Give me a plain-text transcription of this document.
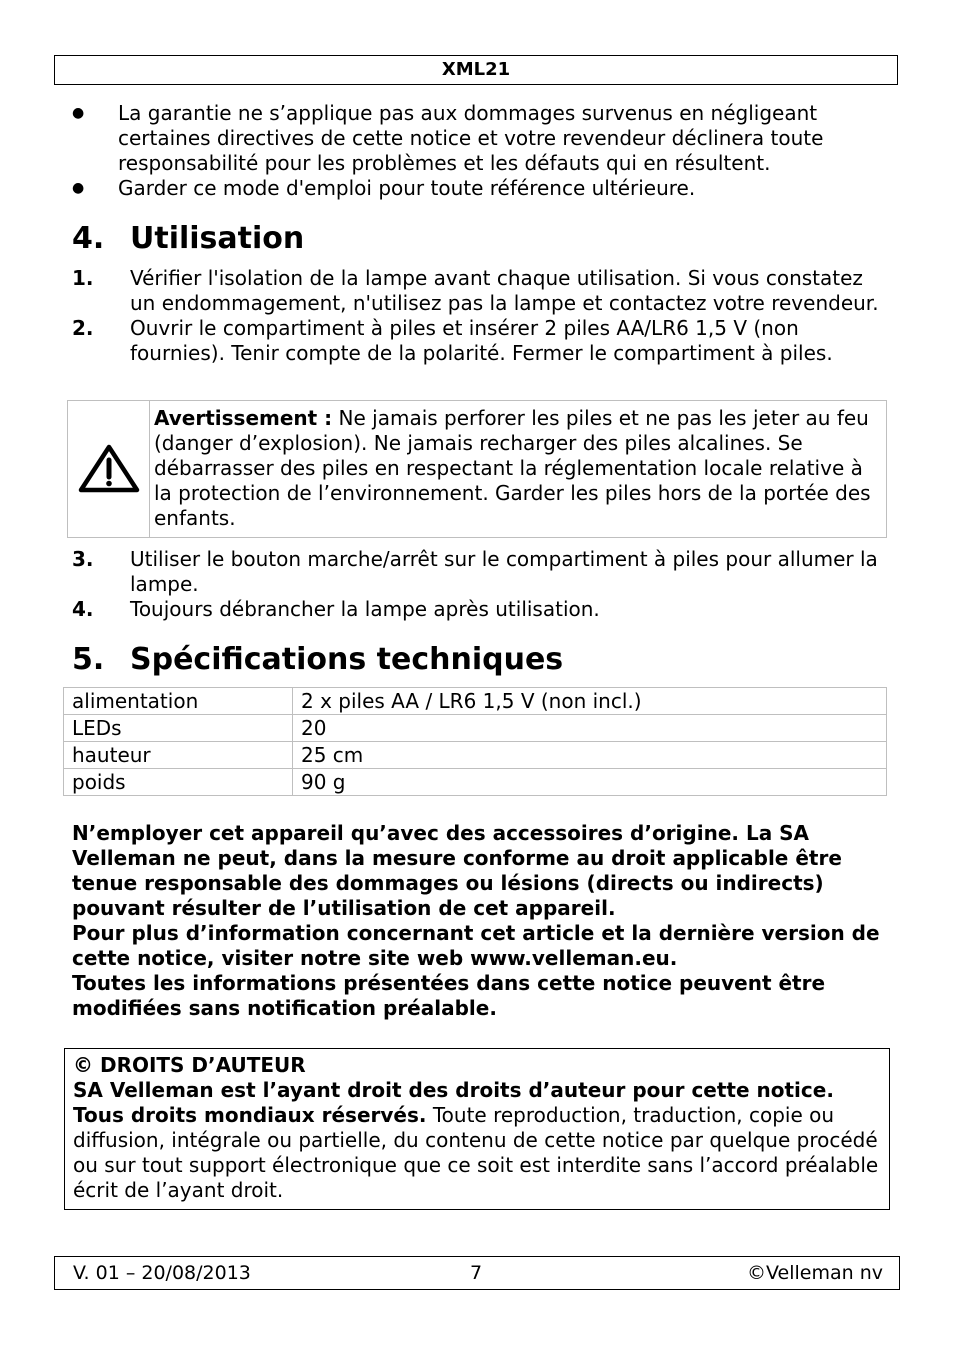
XML21
● La garantie ne s’applique pas aux dommages survenus en négligeant certaines directives de cette notice et votre revendeur déclinera toute responsabilité pour les problèmes et les défauts qui en résultent.
● Garder ce mode d'emploi pour toute référence ultérieure.
4. Utilisation
1. Vérifier l'isolation de la lampe avant chaque utilisation. Si vous constatez un endommagement, n'utilisez pas la lampe et contactez votre revendeur.
2. Ouvrir le compartiment à piles et insérer 2 piles AA/LR6 1,5 V (non fournies). Tenir compte de la polarité. Fermer le compartiment à piles.
Avertissement : Ne jamais perforer les piles et ne pas les jeter au feu (danger d’explosion). Ne jamais recharger des piles alcalines. Se débarrasser des piles en respectant la réglementation locale relative à la protection de l’environnement. Garder les piles hors de la portée des enfants.
3. Utiliser le bouton marche/arrêt sur le compartiment à piles pour allumer la lampe.
4. Toujours débrancher la lampe après utilisation.
5. Spécifications techniques
alimentation	2 x piles AA / LR6 1,5 V (non incl.)
LEDs	20
hauteur	25 cm
poids	90 g

N’employer cet appareil qu’avec des accessoires d’origine. La SA Velleman ne peut, dans la mesure conforme au droit applicable être tenue responsable des dommages ou lésions (directs ou indirects) pouvant résulter de l’utilisation de cet appareil.

Pour plus d’information concernant cet article et la dernière version de cette notice, visiter notre site web www.velleman.eu.

Toutes les informations présentées dans cette notice peuvent être modifiées sans notification préalable.

© DROITS D’AUTEUR

SA Velleman est l’ayant droit des droits d’auteur pour cette notice.

Tous droits mondiaux réservés. Toute reproduction, traduction, copie ou diffusion, intégrale ou partielle, du contenu de cette notice par quelque procédé ou sur tout support électronique que ce soit est interdite sans l’accord préalable écrit de l’ayant droit.

V. 01 – 20/08/2013	7	©Velleman nv
